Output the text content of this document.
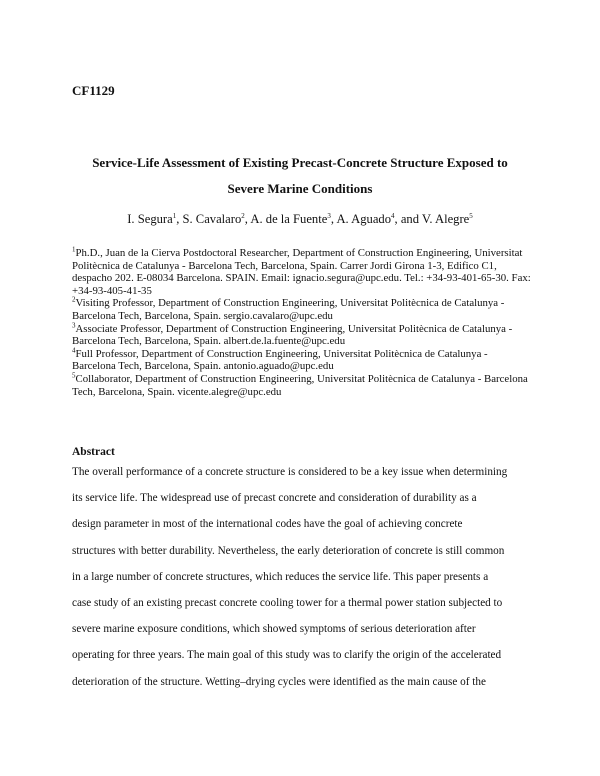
CF1129
Service-Life Assessment of Existing Precast-Concrete Structure Exposed to
Severe Marine Conditions
I. Segura$^1$, S. Cavalaro$^2$, A. de la Fuente$^3$, A. Aguado$^4$, and V. Alegre$^5$

$^1$Ph.D., Juan de la Cierva Postdoctoral Researcher, Department of Construction Engineering, Universitat Politècnica de Catalunya - Barcelona Tech, Barcelona, Spain. Carrer Jordi Girona 1-3, Edifico C1, despacho 202. E-08034 Barcelona. SPAIN. Email: ignacio.segura@upc.edu. Tel.: +34-93-401-65-30. Fax: +34-93-405-41-35

$^2$Visiting Professor, Department of Construction Engineering, Universitat Politècnica de Catalunya - Barcelona Tech, Barcelona, Spain. sergio.cavalaro@upc.edu

$^3$Associate Professor, Department of Construction Engineering, Universitat Politècnica de Catalunya - Barcelona Tech, Barcelona, Spain. albert.de.la.fuente@upc.edu

$^4$Full Professor, Department of Construction Engineering, Universitat Politècnica de Catalunya - Barcelona Tech, Barcelona, Spain. antonio.aguado@upc.edu

$^5$Collaborator, Department of Construction Engineering, Universitat Politècnica de Catalunya - Barcelona Tech, Barcelona, Spain. vicente.alegre@upc.edu

Abstract

The overall performance of a concrete structure is considered to be a key issue when determining
its service life. The widespread use of precast concrete and consideration of durability as a
design parameter in most of the international codes have the goal of achieving concrete
structures with better durability. Nevertheless, the early deterioration of concrete is still common
in a large number of concrete structures, which reduces the service life. This paper presents a
case study of an existing precast concrete cooling tower for a thermal power station subjected to
severe marine exposure conditions, which showed symptoms of serious deterioration after
operating for three years. The main goal of this study was to clarify the origin of the accelerated
deterioration of the structure. Wetting–drying cycles were identified as the main cause of the
